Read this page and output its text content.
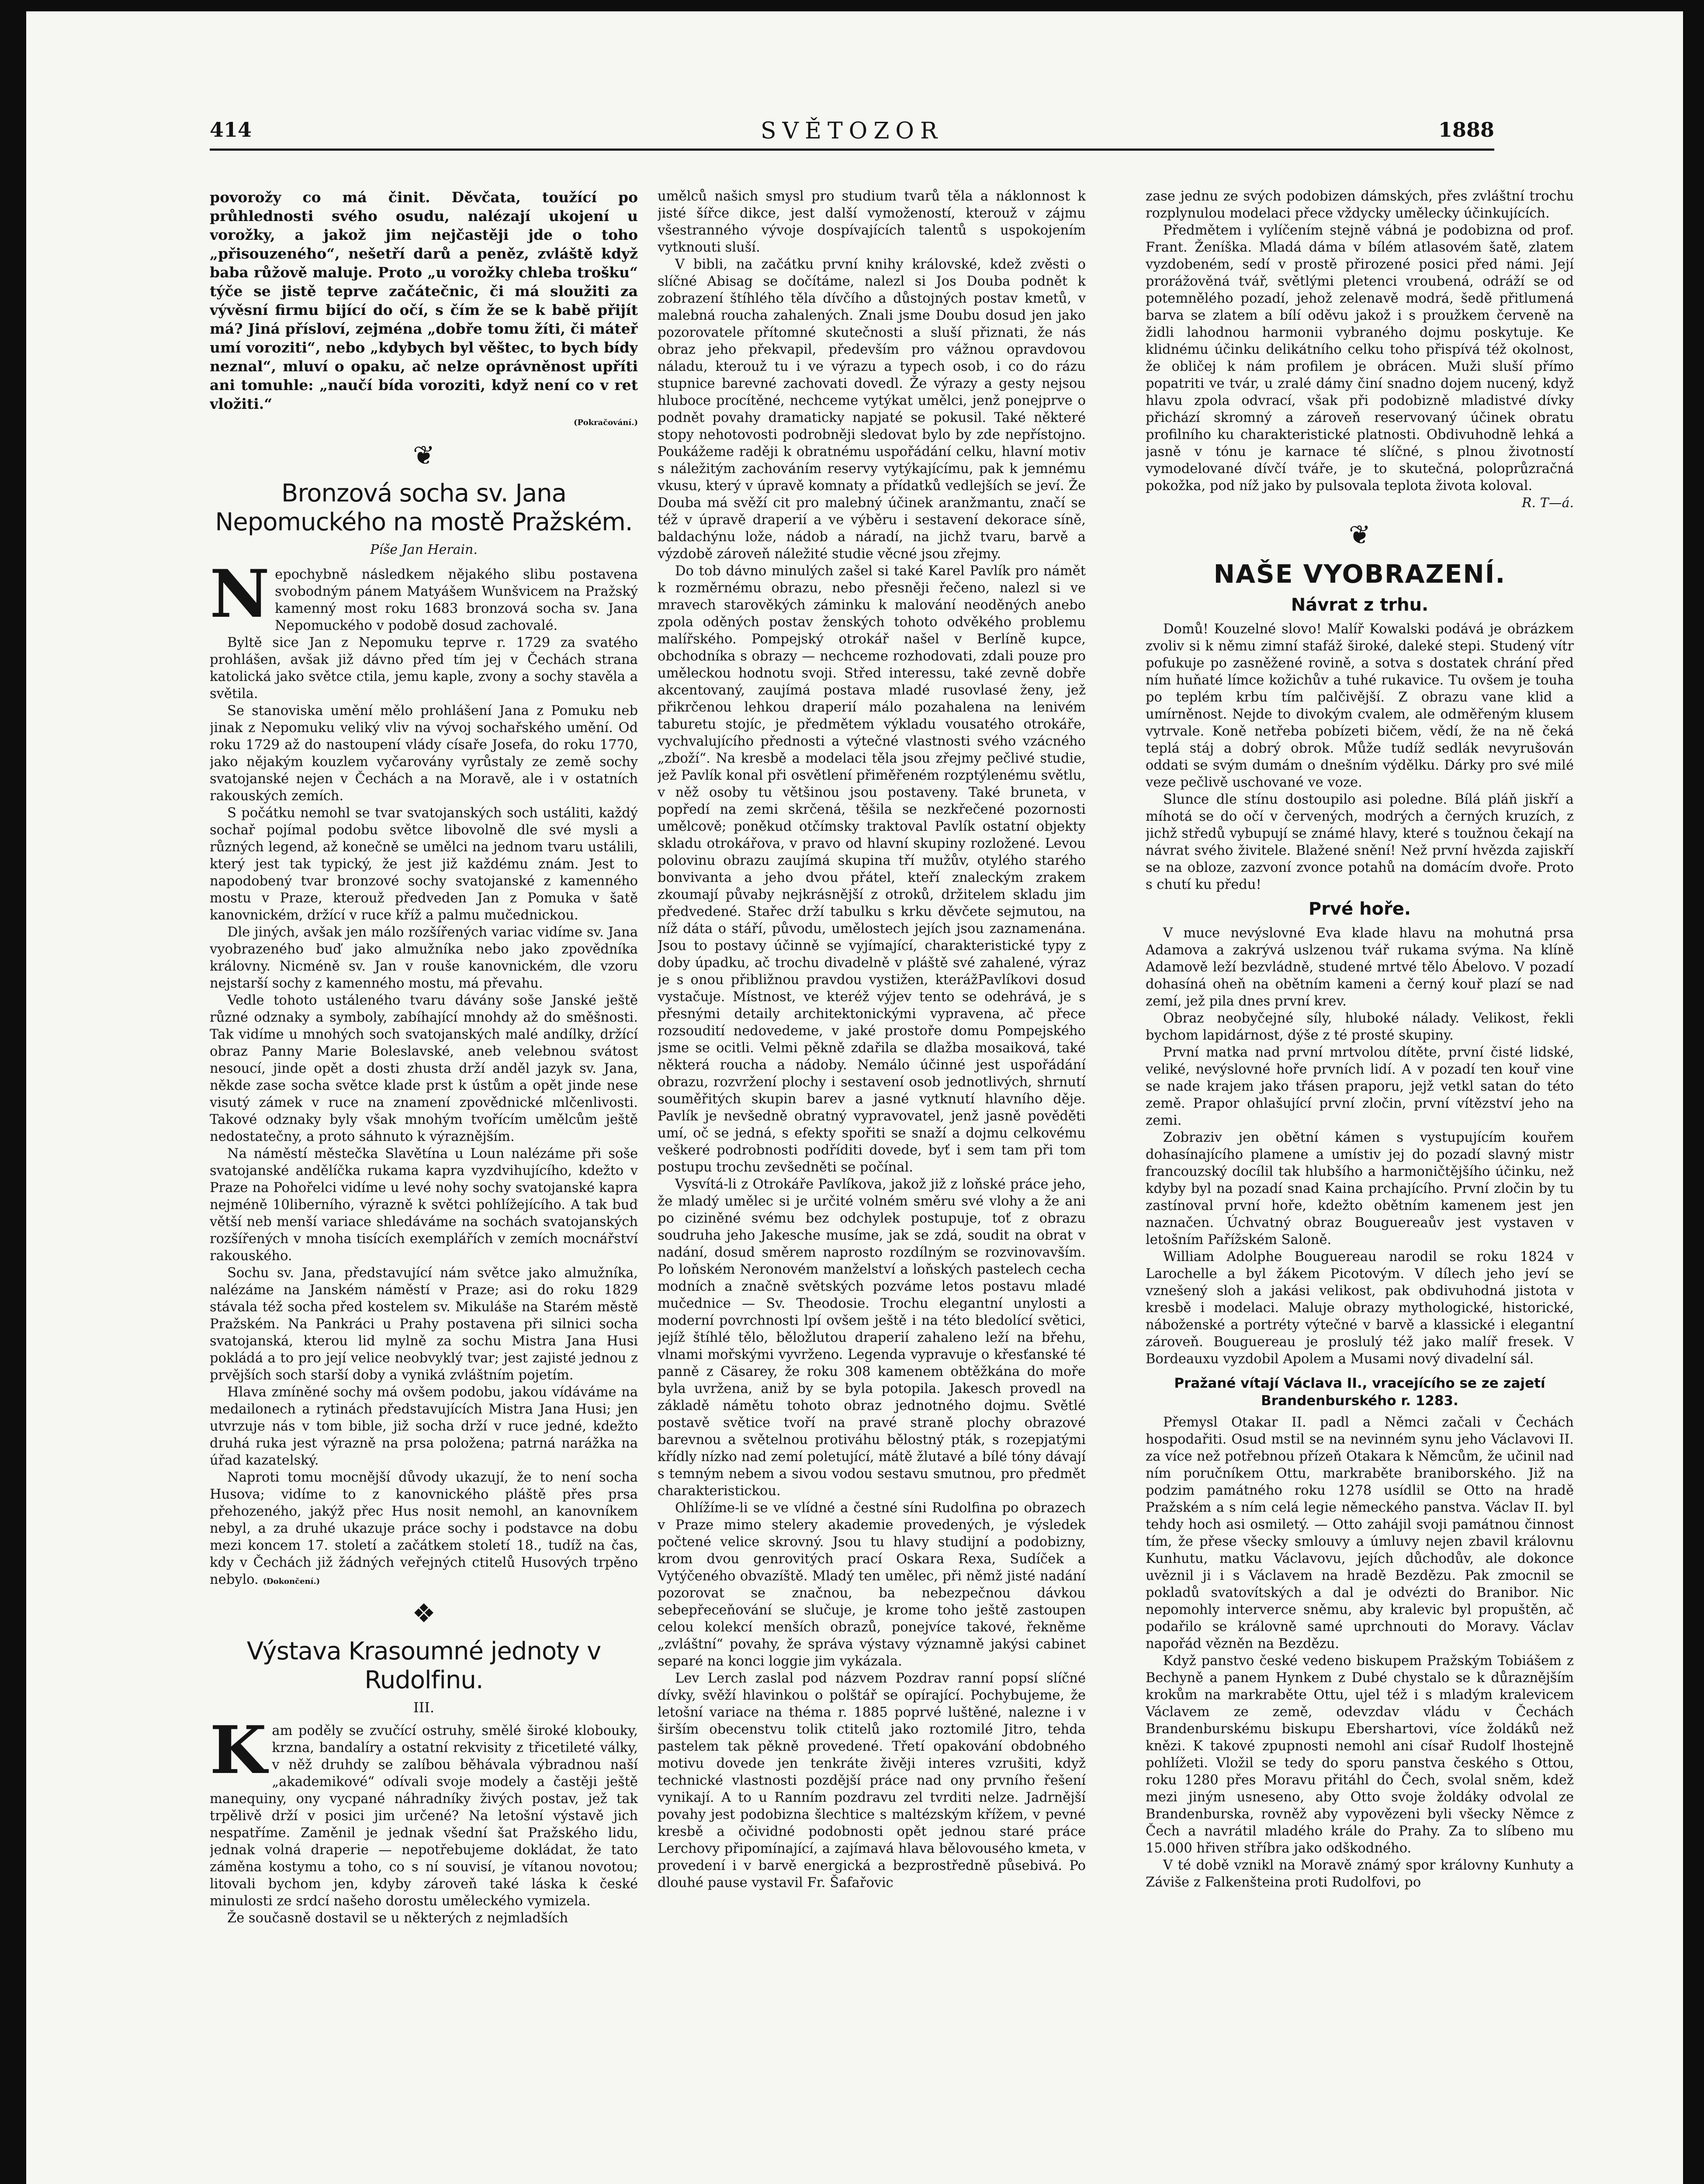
414	SVĚTOZOR	1888

povorožy co má činit. Děvčata, toužící po průhlednosti svého osudu, nalézají ukojení u vorožky, a jakož jim nejčastěji jde o toho „přisouzeného“, nešetří darů a peněz, zvláště když baba růžově maluje. Proto „u vorožky chleba trošku“ týče se jistě teprve začátečnic, či má sloužiti za vývěsní firmu bijící do očí, s čím že se k babě přijít má? Jiná přísloví, zejména „dobře tomu žíti, či máteř umí voroziti“, nebo „kdybych byl věštec, to bych bídy neznal“, mluví o opaku, ač nelze oprávněnost upříti ani tomuhle: „naučí bída voroziti, když není co v ret vložiti.“

(Pokračování.)
❦
Bronzová socha sv. Jana Nepomuckého na mostě Pražském.
Píše Jan Herain.

Nepochybně následkem nějakého slibu postavena svobodným pánem Matyášem Wunšvicem na Pražský kamenný most roku 1683 bronzová socha sv. Jana Nepomuckého v podobě dosud zachovalé.

Byltě sice Jan z Nepomuku teprve r. 1729 za svatého prohlášen, avšak již dávno před tím jej v Čechách strana katolická jako světce ctila, jemu kaple, zvony a sochy stavěla a světila.

Se stanoviska umění mělo prohlášení Jana z Pomuku neb jinak z Nepomuku veliký vliv na vývoj sochařského umění. Od roku 1729 až do nastoupení vlády císaře Josefa, do roku 1770, jako nějakým kouzlem vyčarovány vyrůstaly ze země sochy svatojanské nejen v Čechách a na Moravě, ale i v ostatních rakouských zemích.

S počátku nemohl se tvar svatojanských soch ustáliti, každý sochař pojímal podobu světce libovolně dle své mysli a různých legend, až konečně se umělci na jednom tvaru ustálili, který jest tak typický, že jest již každému znám. Jest to napodobený tvar bronzové sochy svatojanské z kamenného mostu v Praze, kterouž předveden Jan z Pomuka v šatě kanovnickém, držící v ruce kříž a palmu mučednickou.

Dle jiných, avšak jen málo rozšířených variac vidíme sv. Jana vyobrazeného buď jako almužníka nebo jako zpovědníka královny. Nicméně sv. Jan v rouše kanovnickém, dle vzoru nejstarší sochy z kamenného mostu, má převahu.

Vedle tohoto ustáleného tvaru dávány soše Janské ještě různé odznaky a symboly, zabíhající mnohdy až do směšnosti. Tak vidíme u mnohých soch svatojanských malé andílky, držící obraz Panny Marie Boleslavské, aneb velebnou svátost nesoucí, jinde opět a dosti zhusta drží anděl jazyk sv. Jana, někde zase socha světce klade prst k ústům a opět jinde nese visutý zámek v ruce na znamení zpovědnické mlčenlivosti. Takové odznaky byly však mnohým tvořícím umělcům ještě nedostatečny, a proto sáhnuto k výraznějším.

Na náměstí městečka Slavětína u Loun nalézáme při soše svatojanské andělíčka rukama kapra vyzdvihujícího, kdežto v Praze na Pohořelci vidíme u levé nohy sochy svatojanské kapra nejméně 10liberního, výrazně k světci pohlížejícího. A tak buď větší neb menší variace shledáváme na sochách svatojanských rozšířených v mnoha tisících exemplářích v zemích mocnářství rakouského.

Sochu sv. Jana, představující nám světce jako almužníka, nalézáme na Janském náměstí v Praze; asi do roku 1829 stávala též socha před kostelem sv. Mikuláše na Starém městě Pražském. Na Pankráci u Prahy postavena při silnici socha svatojanská, kterou lid mylně za sochu Mistra Jana Husi pokládá a to pro její velice neobvyklý tvar; jest zajisté jednou z prvějších soch starší doby a vyniká zvláštním pojetím.

Hlava zmíněné sochy má ovšem podobu, jakou vídáváme na medailonech a rytinách představujících Mistra Jana Husi; jen utvrzuje nás v tom bible, již socha drží v ruce jedné, kdežto druhá ruka jest výrazně na prsa položena; patrná narážka na úřad kazatelský.

Naproti tomu mocnější důvody ukazují, že to není socha Husova; vidíme to z kanovnického pláště přes prsa přehozeného, jakýž přec Hus nosit nemohl, an kanovníkem nebyl, a za druhé ukazuje práce sochy i podstavce na dobu mezi koncem 17. století a začátkem století 18., tudíž na čas, kdy v Čechách již žádných veřejných ctitelů Husových trpěno nebylo. (Dokončení.)

❖
Výstava Krasoumné jednoty v Rudolfinu.
III.

Kam poděly se zvučící ostruhy, smělé široké klobouky, krzna, bandalíry a ostatní rekvisity z třicetileté války, v něž druhdy se zalíbou běhávala výbradnou naší „akademikové“ odívali svoje modely a častěji ještě manequiny, ony vycpané náhradníky živých postav, jež tak trpělivě drží v posici jim určené? Na letošní výstavě jich nespatříme. Zaměnil je jednak všední šat Pražského lidu, jednak volná draperie — nepotřebujeme dokládat, že tato záměna kostymu a toho, co s ní souvisí, je vítanou novotou; litovali bychom jen, kdyby zároveň také láska k české minulosti ze srdcí našeho dorostu uměleckého vymizela.

Že současně dostavil se u některých z nejmladších

umělců našich smysl pro studium tvarů těla a náklonnost k jisté šířce dikce, jest další vymožeností, kterouž v zájmu všestranného vývoje dospívajících talentů s uspokojením vytknouti sluší.

V bibli, na začátku první knihy královské, kdež zvěsti o slíčné Abisag se dočítáme, nalezl si Jos Douba podnět k zobrazení štíhlého těla dívčího a důstojných postav kmetů, v malebná roucha zahalených. Znali jsme Doubu dosud jen jako pozorovatele přítomné skutečnosti a sluší přiznati, že nás obraz jeho překvapil, především pro vážnou opravdovou náladu, kterouž tu i ve výrazu a typech osob, i co do rázu stupnice barevné zachovati dovedl. Že výrazy a gesty nejsou hluboce procítěné, nechceme vytýkat umělci, jenž ponejprve o podnět povahy dramaticky napjaté se pokusil. Také některé stopy nehotovosti podrobněji sledovat bylo by zde nepřístojno. Poukážeme raději k obratnému uspořádání celku, hlavní motiv s náležitým zachováním reservy vytýkajícímu, pak k jemnému vkusu, který v úpravě komnaty a přídatků vedlejších se jeví. Že Douba má svěží cit pro malebný účinek aranžmantu, značí se též v úpravě draperií a ve výběru i sestavení dekorace síně, baldachýnu lože, nádob a náradí, na jichž tvaru, barvě a výzdobě zároveň náležité studie věcné jsou zřejmy.

Do tob dávno minulých zašel si také Karel Pavlík pro námět k rozměrnému obrazu, nebo přesněji řečeno, nalezl si ve mravech starověkých záminku k malování neoděných anebo zpola oděných postav ženských tohoto odvěkého problemu malířského. Pompejský otrokář našel v Berlíně kupce, obchodníka s obrazy — nechceme rozhodovati, zdali pouze pro uměleckou hodnotu svoji. Střed interessu, také zevně dobře akcentovaný, zaujímá postava mladé rusovlasé ženy, jež přikrčenou lehkou draperií málo pozahalena na lenivém taburetu stojíc, je předmětem výkladu vousatého otrokáře, vychvalujícího přednosti a výtečné vlastnosti svého vzácného „zboží“. Na kresbě a modelaci těla jsou zřejmy pečlivé studie, jež Pavlík konal při osvětlení přiměřeném rozptýlenému světlu, v něž osoby tu většinou jsou postaveny. Také bruneta, v popředí na zemi skrčená, těšila se nezkřečené pozornosti umělcově; poněkud otčímsky traktoval Pavlík ostatní objekty skladu otrokářova, v pravo od hlavní skupiny rozložené. Levou polovinu obrazu zaujímá skupina tří mužův, otylého starého bonvivanta a jeho dvou přátel, kteří znaleckým zrakem zkoumají půvaby nejkrásnější z otroků, držitelem skladu jim předvedené. Stařec drží tabulku s krku děvčete sejmutou, na níž dáta o stáří, původu, umělostech jejích jsou zaznamenána. Jsou to postavy účinně se vyjímající, charakteristické typy z doby úpadku, ač trochu divadelně v pláště své zahalené, výraz je s onou přibližnou pravdou vystižen, kterážPavlíkovi dosud vystačuje. Místnost, ve kteréž výjev tento se odehrává, je s přesnými detaily architektonickými vypravena, ač přece rozsoudití nedovedeme, v jaké prostoře domu Pompejského jsme se ocitli. Velmi pěkně zdařila se dlažba mosaiková, také některá roucha a nádoby. Nemálo účinné jest uspořádání obrazu, rozvržení plochy i sestavení osob jednotlivých, shrnutí souměřitých skupin barev a jasné vytknutí hlavního děje. Pavlík je nevšedně obratný vypravovatel, jenž jasně pověděti umí, oč se jedná, s efekty spořiti se snaží a dojmu celkovému veškeré podrobnosti podříditi dovede, byť i sem tam při tom postupu trochu zevšedněti se počínal.

Vysvítá-li z Otrokáře Pavlíkova, jakož již z loňské práce jeho, že mladý umělec si je určité volném směru své vlohy a že ani po ciziněné svému bez odchylek postupuje, toť z obrazu soudruha jeho Jakesche musíme, jak se zdá, soudit na obrat v nadání, dosud směrem naprosto rozdílným se rozvinovavším. Po loňském Neronovém manželství a loňských pastelech cecha modních a značně světských pozváme letos postavu mladé mučednice — Sv. Theodosie. Trochu elegantní unylosti a moderní povrchnosti lpí ovšem ještě i na této bledolící světici, jejíž štíhlé tělo, běložlutou draperií zahaleno leží na břehu, vlnami mořskými vyvrženo. Legenda vypravuje o křesťanské té panně z Cäsarey, že roku 308 kamenem obtěžkána do moře byla uvržena, aniž by se byla potopila. Jakesch provedl na základě námětu tohoto obraz jednotného dojmu. Světlé postavě světice tvoří na pravé straně plochy obrazové barevnou a světelnou protiváhu bělostný pták, s rozepjatými křídly nízko nad zemí poletující, mátě žlutavé a bílé tóny dávají s temným nebem a sivou vodou sestavu smutnou, pro předmět charakteristickou.

Ohlížíme-li se ve vlídné a čestné síni Rudolfina po obrazech v Praze mimo stelery akademie provedených, je výsledek počtené velice skrovný. Jsou tu hlavy studijní a podobizny, krom dvou genrovitých prací Oskara Rexa, Sudíček a Vytýčeného obvazíště. Mladý ten umělec, při němž jisté nadání pozorovat se značnou, ba nebezpečnou dávkou sebepřeceňování se slučuje, je krome toho ještě zastoupen celou kolekcí menších obrazů, ponejvíce takové, řekněme „zvláštní“ povahy, že správa výstavy významně jakýsi cabinet separé na konci loggie jim vykázala.

Lev Lerch zaslal pod názvem Pozdrav ranní popsí slíčné dívky, svěží hlavinkou o polštář se opírající. Pochybujeme, že letošní variace na théma r. 1885 poprvé luštěné, nalezne i v širším obecenstvu tolik ctitelů jako roztomilé Jitro, tehda pastelem tak pěkně provedené. Třetí opakování obdobného motivu dovede jen tenkráte živěji interes vzrušiti, když technické vlastnosti pozdější práce nad ony prvního řešení vynikají. A to u Ranním pozdravu zel tvrditi nelze. Jadrnější povahy jest podobizna šlechtice s maltézským křížem, v pevné kresbě a očividné podobnosti opět jednou staré práce Lerchovy připomínající, a zajímavá hlava bělovousého kmeta, v provedení i v barvě energická a bezprostředně půsebivá. Po dlouhé pause vystavil Fr. Šafařovic

zase jednu ze svých podobizen dámských, přes zvláštní trochu rozplynulou modelaci přece vždycky umělecky účinkujících.

Předmětem i vylíčením stejně vábná je podobizna od prof. Frant. Ženíška. Mladá dáma v bílém atlasovém šatě, zlatem vyzdobeném, sedí v prostě přirozené posici před námi. Její prorážověná tvář, světlými pletenci vroubená, odráží se od potemnělého pozadí, jehož zelenavě modrá, šedě přitlumená barva se zlatem a bílí oděvu jakož i s proužkem červeně na židli lahodnou harmonii vybraného dojmu poskytuje. Ke klidnému účinku delikátního celku toho přispívá též okolnost, že obličej k nám profilem je obrácen. Muži sluší přímo popatriti ve tvár, u zralé dámy činí snadno dojem nucený, když hlavu zpola odvrací, však při podobizně mladistvé dívky přichází skromný a zároveň reservovaný účinek obratu profilního ku charakteristické platnosti. Obdivuhodně lehká a jasně v tónu je karnace té slíčné, s plnou životností vymodelované dívčí tváře, je to skutečná, poloprůzračná pokožka, pod níž jako by pulsovala teplota života koloval.

R. T—á.
❦
NAŠE VYOBRAZENÍ.
Návrat z trhu.

Domů! Kouzelné slovo! Malíř Kowalski podává je obrázkem zvoliv si k němu zimní stafáž široké, daleké stepi. Studený vítr pofukuje po zasněžené rovině, a sotva s dostatek chrání před ním huňaté límce kožichův a tuhé rukavice. Tu ovšem je touha po teplém krbu tím palčivější. Z obrazu vane klid a umírněnost. Nejde to divokým cvalem, ale odměřeným klusem vytrvale. Koně netřeba pobízeti bičem, vědí, že na ně čeká teplá stáj a dobrý obrok. Může tudíž sedlák nevyrušován oddati se svým dumám o dnešním výdělku. Dárky pro své milé veze pečlivě uschované ve voze.

Slunce dle stínu dostoupilo asi poledne. Bílá pláň jiskří a míhotá se do očí v červených, modrých a černých kruzích, z jichž středů vybupují se známé hlavy, které s toužnou čekají na návrat svého živitele. Blažené snění! Než první hvězda zajiskří se na obloze, zazvoní zvonce potahů na domácím dvoře. Proto s chutí ku předu!

Prvé hoře.

V muce nevýslovné Eva klade hlavu na mohutná prsa Adamova a zakrývá uslzenou tvář rukama svýma. Na klíně Adamově leží bezvládně, studené mrtvé tělo Ábelovo. V pozadí dohasíná oheň na obětním kameni a černý kouř plazí se nad zemí, jež pila dnes první krev.

Obraz neobyčejné síly, hluboké nálady. Velikost, řekli bychom lapidárnost, dýše z té prosté skupiny.

První matka nad první mrtvolou dítěte, první čisté lidské, veliké, nevýslovné hoře prvních lidí. A v pozadí ten kouř vine se nade krajem jako třásen praporu, jejž vetkl satan do této země. Prapor ohlašující první zločin, první vítězství jeho na zemi.

Zobraziv jen obětní kámen s vystupujícím kouřem dohasínajícího plamene a umístiv jej do pozadí slavný mistr francouzský docílil tak hlubšího a harmoničtějšího účinku, než kdyby byl na pozadí snad Kaina prchajícího. První zločin by tu zastínoval první hoře, kdežto obětním kamenem jest jen naznačen. Úchvatný obraz Bouguereaův jest vystaven v letošním Pařížském Saloně.

William Adolphe Bouguereau narodil se roku 1824 v Larochelle a byl žákem Picotovým. V dílech jeho jeví se vznešený sloh a jakási velikost, pak obdivuhodná jistota v kresbě i modelaci. Maluje obrazy mythologické, historické, náboženské a portréty výtečné v barvě a klassické i elegantní zároveň. Bouguereau je proslulý též jako malíř fresek. V Bordeauxu vyzdobil Apolem a Musami nový divadelní sál.

Pražané vítají Václava II., vracejícího se ze zajetí Brandenburského r. 1283.

Přemysl Otakar II. padl a Němci začali v Čechách hospodařiti. Osud mstil se na nevinném synu jeho Václavovi II. za více než potřebnou přízeň Otakara k Němcům, že učinil nad ním poručníkem Ottu, markraběte braniborského. Již na podzim památného roku 1278 usídlil se Otto na hradě Pražském a s ním celá legie německého panstva. Václav II. byl tehdy hoch asi osmiletý. — Otto zahájil svoji památnou činnost tím, že přese všecky smlouvy a úmluvy nejen zbavil královnu Kunhutu, matku Václavovu, jejích důchodův, ale dokonce uvěznil ji i s Václavem na hradě Bezdězu. Pak zmocnil se pokladů svatovítských a dal je odvézti do Branibor. Nic nepomohly interverce sněmu, aby kralevic byl propuštěn, ač podařilo se královně samé uprchnouti do Moravy. Václav napořád vězněn na Bezdězu.

Když panstvo české vedeno biskupem Pražským Tobiášem z Bechyně a panem Hynkem z Dubé chystalo se k důraznějším krokům na markraběte Ottu, ujel též i s mladým kralevicem Václavem ze země, odevzdav vládu v Čechách Brandenburskému biskupu Ebershartovi, více žoldáků než knězi. K takové zpupnosti nemohl ani císař Rudolf lhostejně pohlížeti. Vložil se tedy do sporu panstva českého s Ottou, roku 1280 přes Moravu přitáhl do Čech, svolal sněm, kdež mezi jiným usneseno, aby Otto svoje žoldáky odvolal ze Brandenburska, rovněž aby vypovězeni byli všecky Němce z Čech a navrátil mladého krále do Prahy. Za to slíbeno mu 15.000 hřiven stříbra jako odškodného.

V té době vznikl na Moravě známý spor královny Kunhuty a Záviše z Falkenšteina proti Rudolfovi, po
